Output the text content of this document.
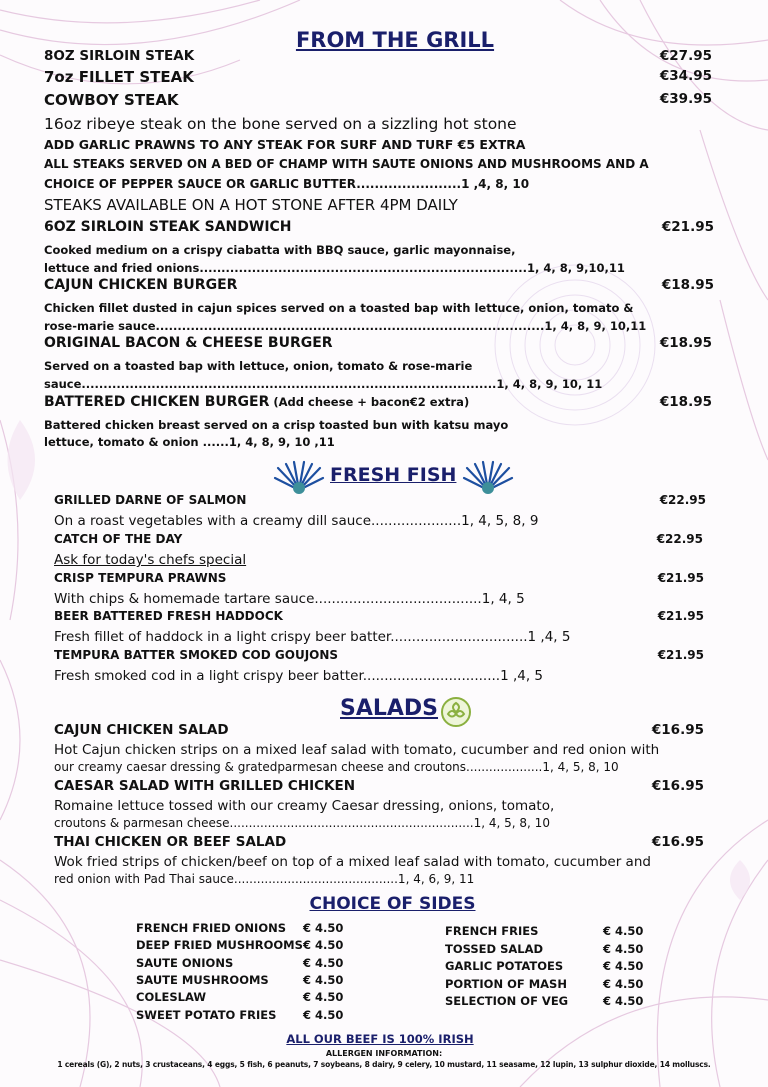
FROM THE GRILL
8OZ SIRLOIN STEAK	€27.95
7oz FILLET STEAK	€34.95
COWBOY STEAK	€39.95
16oz ribeye steak on the bone served on a sizzling hot stone
ADD GARLIC PRAWNS TO ANY STEAK FOR SURF AND TURF €5 EXTRA
ALL STEAKS SERVED ON A BED OF CHAMP WITH SAUTE ONIONS AND MUSHROOMS AND A
CHOICE OF PEPPER SAUCE OR GARLIC BUTTER.......................1 ,4, 8, 10
STEAKS AVAILABLE ON A HOT STONE AFTER 4PM DAILY
6OZ SIRLOIN STEAK SANDWICH	€21.95
Cooked medium on a crispy ciabatta with BBQ sauce, garlic mayonnaise,
lettuce and fried onions...........................................................................1, 4, 8, 9,10,11
CAJUN CHICKEN BURGER	€18.95
Chicken fillet dusted in cajun spices served on a toasted bap with lettuce, onion, tomato &
rose-marie sauce.........................................................................................1, 4, 8, 9, 10,11
ORIGINAL BACON & CHEESE BURGER	€18.95
Served on a toasted bap with lettuce, onion, tomato & rose-marie
sauce...............................................................................................1, 4, 8, 9, 10, 11
BATTERED CHICKEN BURGER (Add cheese + bacon€2 extra)	€18.95
Battered chicken breast served on a crisp toasted bun with katsu mayo
lettuce, tomato & onion ......1, 4, 8, 9, 10 ,11
FRESH FISH
GRILLED DARNE OF SALMON	€22.95
On a roast vegetables with a creamy dill sauce.....................1, 4, 5, 8, 9
CATCH OF THE DAY	€22.95
Ask for today's chefs special
CRISP TEMPURA PRAWNS	€21.95
With chips & homemade tartare sauce.......................................1, 4, 5
BEER BATTERED FRESH HADDOCK	€21.95
Fresh fillet of haddock in a light crispy beer batter................................1 ,4, 5
TEMPURA BATTER SMOKED COD GOUJONS	€21.95
Fresh smoked cod in a light crispy beer batter................................1 ,4, 5
SALADS
CAJUN CHICKEN SALAD	€16.95
Hot Cajun chicken strips on a mixed leaf salad with tomato, cucumber and red onion with
our creamy caesar dressing & gratedparmesan cheese and croutons....................1, 4, 5, 8, 10
CAESAR SALAD WITH GRILLED CHICKEN	€16.95
Romaine lettuce tossed with our creamy Caesar dressing, onions, tomato,
croutons & parmesan cheese................................................................1, 4, 5, 8, 10
THAI CHICKEN OR BEEF SALAD	€16.95
Wok fried strips of chicken/beef on top of a mixed leaf salad with tomato, cucumber and
red onion with Pad Thai sauce...........................................1, 4, 6, 9, 11
CHOICE OF SIDES
FRENCH FRIED ONIONS € 4.50
DEEP FRIED MUSHROOMS € 4.50
SAUTE ONIONS	€ 4.50
SAUTE MUSHROOMS	€ 4.50
COLESLAW	€ 4.50
SWEET POTATO FRIES € 4.50
FRENCH FRIES	€ 4.50
TOSSED SALAD	€ 4.50
GARLIC POTATOES	€ 4.50
PORTION OF MASH	€ 4.50
SELECTION OF VEG	€ 4.50
ALL OUR BEEF IS 100% IRISH
ALLERGEN INFORMATION:
1 cereals (G), 2 nuts, 3 crustaceans, 4 eggs, 5 fish, 6 peanuts, 7 soybeans, 8 dairy, 9 celery, 10 mustard, 11 seasame, 12 lupin, 13 sulphur dioxide, 14 molluscs.
